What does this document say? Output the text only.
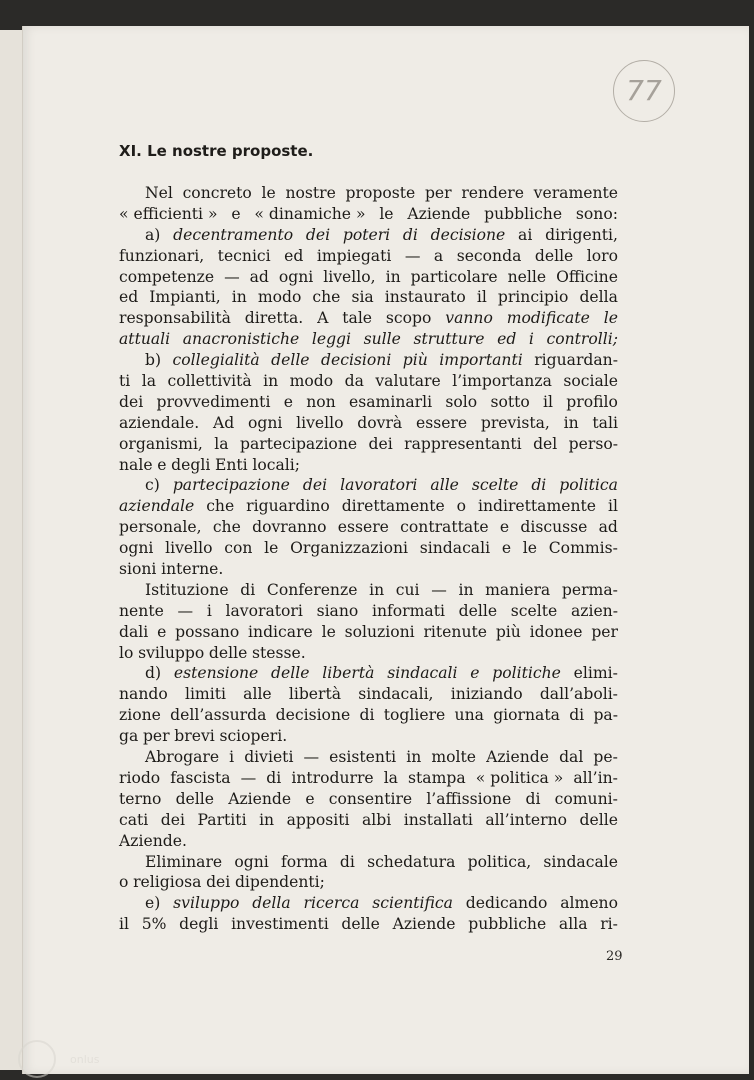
77
XI. Le nostre proposte.
Nel concreto le nostre proposte per rendere veramente
« efficienti » e « dinamiche » le Aziende pubbliche sono:
a) decentramento dei poteri di decisione ai dirigenti,
funzionari, tecnici ed impiegati — a seconda delle loro
competenze — ad ogni livello, in particolare nelle Officine
ed Impianti, in modo che sia instaurato il principio della
responsabilità diretta. A tale scopo vanno modificate le
attuali anacronistiche leggi sulle strutture ed i controlli;
b) collegialità delle decisioni più importanti riguardan-
ti la collettività in modo da valutare l’importanza sociale
dei provvedimenti e non esaminarli solo sotto il profilo
aziendale. Ad ogni livello dovrà essere prevista, in tali
organismi, la partecipazione dei rappresentanti del perso-
nale e degli Enti locali;
c) partecipazione dei lavoratori alle scelte di politica
aziendale che riguardino direttamente o indirettamente il
personale, che dovranno essere contrattate e discusse ad
ogni livello con le Organizzazioni sindacali e le Commis-
sioni interne.
Istituzione di Conferenze in cui — in maniera perma-
nente — i lavoratori siano informati delle scelte azien-
dali e possano indicare le soluzioni ritenute più idonee per
lo sviluppo delle stesse.
d) estensione delle libertà sindacali e politiche elimi-
nando limiti alle libertà sindacali, iniziando dall’aboli-
zione dell’assurda decisione di togliere una giornata di pa-
ga per brevi scioperi.
Abrogare i divieti — esistenti in molte Aziende dal pe-
riodo fascista — di introdurre la stampa « politica » all’in-
terno delle Aziende e consentire l’affissione di comuni-
cati dei Partiti in appositi albi installati all’interno delle
Aziende.
Eliminare ogni forma di schedatura politica, sindacale
o religiosa dei dipendenti;
e) sviluppo della ricerca scientifica dedicando almeno
il 5% degli investimenti delle Aziende pubbliche alla ri-
29
onlus
